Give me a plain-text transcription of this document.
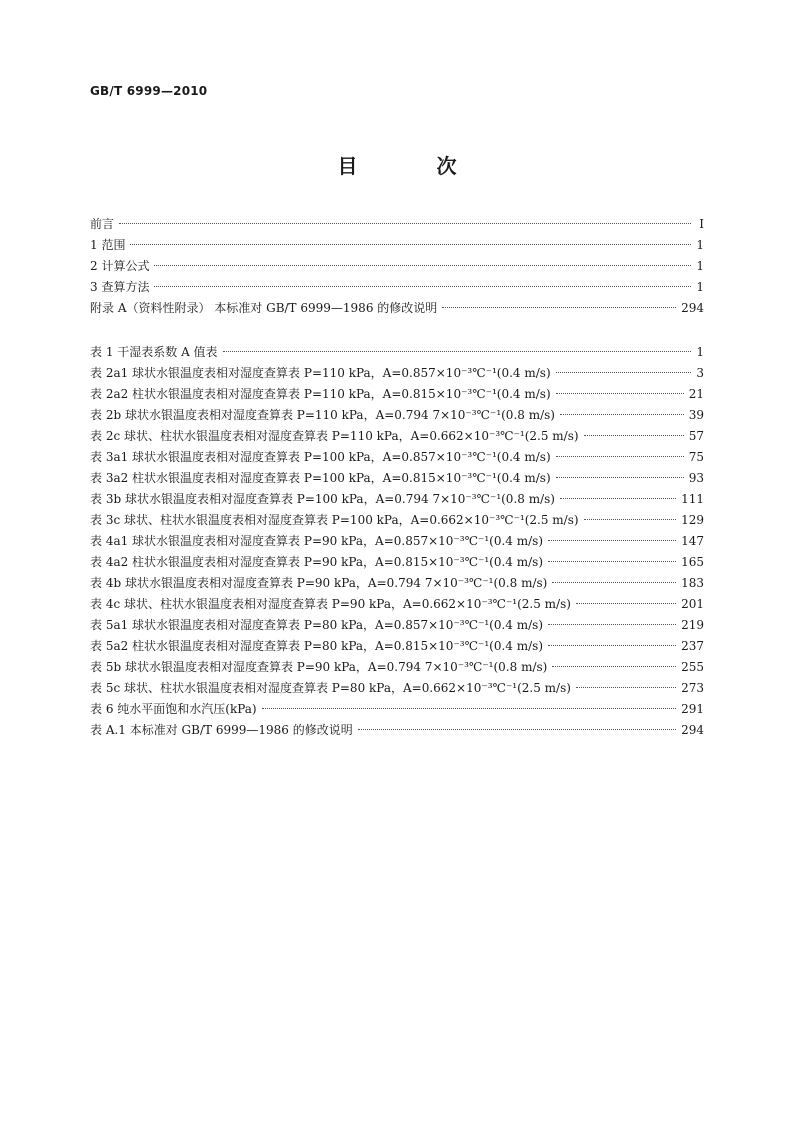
GB/T 6999—2010
目 次
前言	Ⅰ
1 范围	1
2 计算公式	1
3 查算方法	1
附录 A（资料性附录） 本标准对 GB/T 6999—1986 的修改说明	294
表 1 干湿表系数 A 值表	1
表 2a1 球状水银温度表相对湿度查算表 P=110 kPa，A=0.857×10⁻³℃⁻¹(0.4 m/s)	3
表 2a2 柱状水银温度表相对湿度查算表 P=110 kPa，A=0.815×10⁻³℃⁻¹(0.4 m/s)	21
表 2b 球状水银温度表相对湿度查算表 P=110 kPa，A=0.794 7×10⁻³℃⁻¹(0.8 m/s)	39
表 2c 球状、柱状水银温度表相对湿度查算表 P=110 kPa，A=0.662×10⁻³℃⁻¹(2.5 m/s)	57
表 3a1 球状水银温度表相对湿度查算表 P=100 kPa，A=0.857×10⁻³℃⁻¹(0.4 m/s)	75
表 3a2 柱状水银温度表相对湿度查算表 P=100 kPa，A=0.815×10⁻³℃⁻¹(0.4 m/s)	93
表 3b 球状水银温度表相对湿度查算表 P=100 kPa，A=0.794 7×10⁻³℃⁻¹(0.8 m/s)	111
表 3c 球状、柱状水银温度表相对湿度查算表 P=100 kPa，A=0.662×10⁻³℃⁻¹(2.5 m/s)	129
表 4a1 球状水银温度表相对湿度查算表 P=90 kPa，A=0.857×10⁻³℃⁻¹(0.4 m/s)	147
表 4a2 柱状水银温度表相对湿度查算表 P=90 kPa，A=0.815×10⁻³℃⁻¹(0.4 m/s)	165
表 4b 球状水银温度表相对湿度查算表 P=90 kPa，A=0.794 7×10⁻³℃⁻¹(0.8 m/s)	183
表 4c 球状、柱状水银温度表相对湿度查算表 P=90 kPa，A=0.662×10⁻³℃⁻¹(2.5 m/s)	201
表 5a1 球状水银温度表相对湿度查算表 P=80 kPa，A=0.857×10⁻³℃⁻¹(0.4 m/s)	219
表 5a2 柱状水银温度表相对湿度查算表 P=80 kPa，A=0.815×10⁻³℃⁻¹(0.4 m/s)	237
表 5b 球状水银温度表相对湿度查算表 P=90 kPa，A=0.794 7×10⁻³℃⁻¹(0.8 m/s)	255
表 5c 球状、柱状水银温度表相对湿度查算表 P=80 kPa，A=0.662×10⁻³℃⁻¹(2.5 m/s)	273
表 6 纯水平面饱和水汽压(kPa)	291
表 A.1 本标准对 GB/T 6999—1986 的修改说明	294
